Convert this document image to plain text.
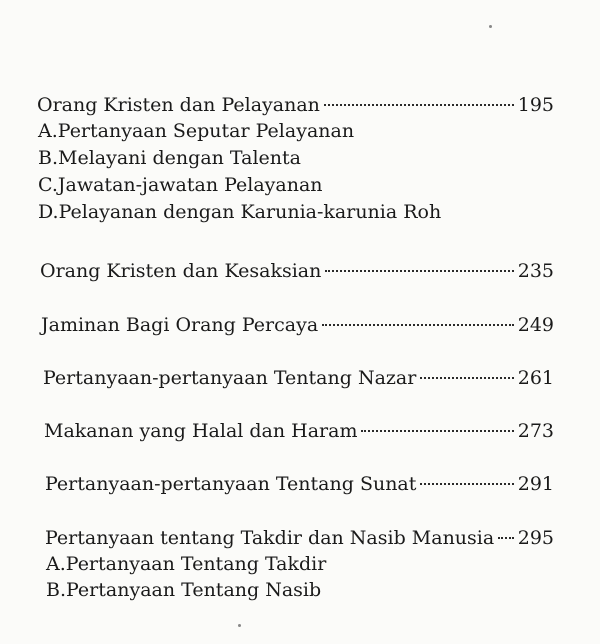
Orang Kristen dan Pelayanan	195
A.Pertanyaan Seputar Pelayanan
B.Melayani dengan Talenta
C.Jawatan-jawatan Pelayanan
D.Pelayanan dengan Karunia-karunia Roh
Orang Kristen dan Kesaksian	235
Jaminan Bagi Orang Percaya	249
Pertanyaan-pertanyaan Tentang Nazar	261
Makanan yang Halal dan Haram	273
Pertanyaan-pertanyaan Tentang Sunat	291
Pertanyaan tentang Takdir dan Nasib Manusia 295
A.Pertanyaan Tentang Takdir
B.Pertanyaan Tentang Nasib
